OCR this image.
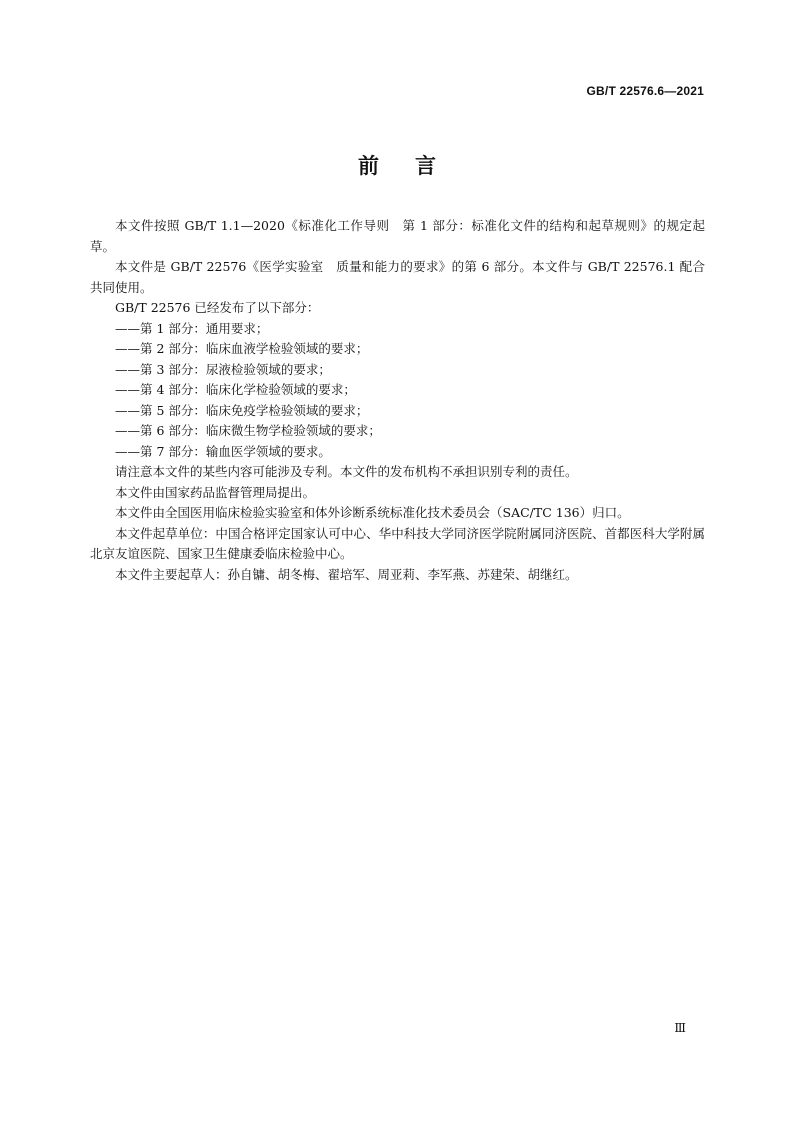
GB/T 22576.6—2021
前言

本文件按照 GB/T 1.1—2020《标准化工作导则　第 1 部分：标准化文件的结构和起草规则》的规定起草。

本文件是 GB/T 22576《医学实验室　质量和能力的要求》的第 6 部分。本文件与 GB/T 22576.1 配合共同使用。

GB/T 22576 已经发布了以下部分：

——第 1 部分：通用要求；

——第 2 部分：临床血液学检验领域的要求；

——第 3 部分：尿液检验领域的要求；

——第 4 部分：临床化学检验领域的要求；

——第 5 部分：临床免疫学检验领域的要求；

——第 6 部分：临床微生物学检验领域的要求；

——第 7 部分：输血医学领域的要求。

请注意本文件的某些内容可能涉及专利。本文件的发布机构不承担识别专利的责任。

本文件由国家药品监督管理局提出。

本文件由全国医用临床检验实验室和体外诊断系统标准化技术委员会（SAC/TC 136）归口。

本文件起草单位：中国合格评定国家认可中心、华中科技大学同济医学院附属同济医院、首都医科大学附属北京友谊医院、国家卫生健康委临床检验中心。

本文件主要起草人：孙自镛、胡冬梅、翟培军、周亚莉、李军燕、苏建荣、胡继红。

Ⅲ
